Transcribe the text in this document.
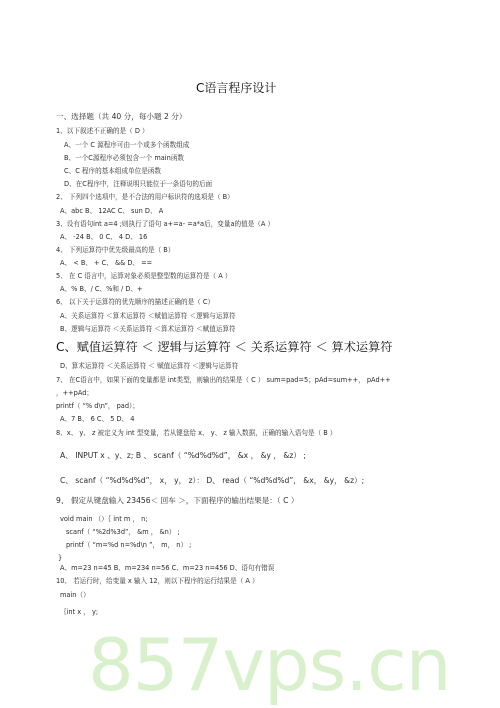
C语言程序设计
一、选择题（共 40 分，每小题 2 分）
1、以下叙述不正确的是（ D ）
A、一个 C 源程序可由一个或多个函数组成
B、一个C源程序必须包含一个 main函数
C、C 程序的基本组成单位是函数
D、在C程序中，注释说明只能位于一条语句的后面
2、 下列四个选项中，是不合法的用户标识符的选项是（ B）
A、abc B、 12AC C、 sun D、 A
3、设有语句int a=4 ;则执行了语句 a+=a- =a*a后，变量a的值是（A ）
A、 -24 B、 0 C、 4 D、 16
4、 下列运算符中优先级最高的是（ B）
A、 < B、 + C、 && D、 ==
5、 在 C 语言中，运算对象必须是整型数的运算符是（ A ）
A、% B、/ C、%和 / D、+
6、 以下关于运算符的优先顺序的描述正确的是（ C）
A、关系运算符 ＜算术运算符 ＜赋值运算符 ＜逻辑与运算符
B、逻辑与运算符 ＜关系运算符 ＜算术运算符 ＜赋值运算符
C、赋值运算符 ＜ 逻辑与运算符 ＜ 关系运算符 ＜ 算术运算符
D、算术运算符 ＜关系运算符 ＜ 赋值运算符 ＜逻辑与运算符
7、 在C语言中，如果下面的变量都是 int类型，则输出的结果是（ C ） sum=pad=5；pAd=sum++， pAd++
，++pAd；
printf（ “% d\n”， pad）；
A、7 B、 6 C、 5 D、 4
8、x、 y、 z 被定义为 int 型变量，若从键盘给 x、 y、 z 输入数据，正确的输入语句是（ B ）
A、 INPUT x 、y、z; B 、 scanf（ “%d%d%d”， &x ， &y ， &z） ;
C、 scanf（ “%d%d%d”， x， y， z）： D、 read（ “%d%d%d”， &x， &y， &z）;
9、 假定从键盘输入 23456＜ 回车 ＞，下面程序的输出结果是：（ C ）
void main （）｛ int m ， n;
scanf（ “%2d%3d”， &m ， &n） ;
printf（ “m=%d n=%d\n ”， m， n） ;
}
A、m=23 n=45 B、m=234 n=56 C、m=23 n=456 D、语句有错误
10、 若运行时，给变量 x 输入 12，则以下程序的运行结果是（ A ）
main（）
｛int x ， y;
857vps.cn
